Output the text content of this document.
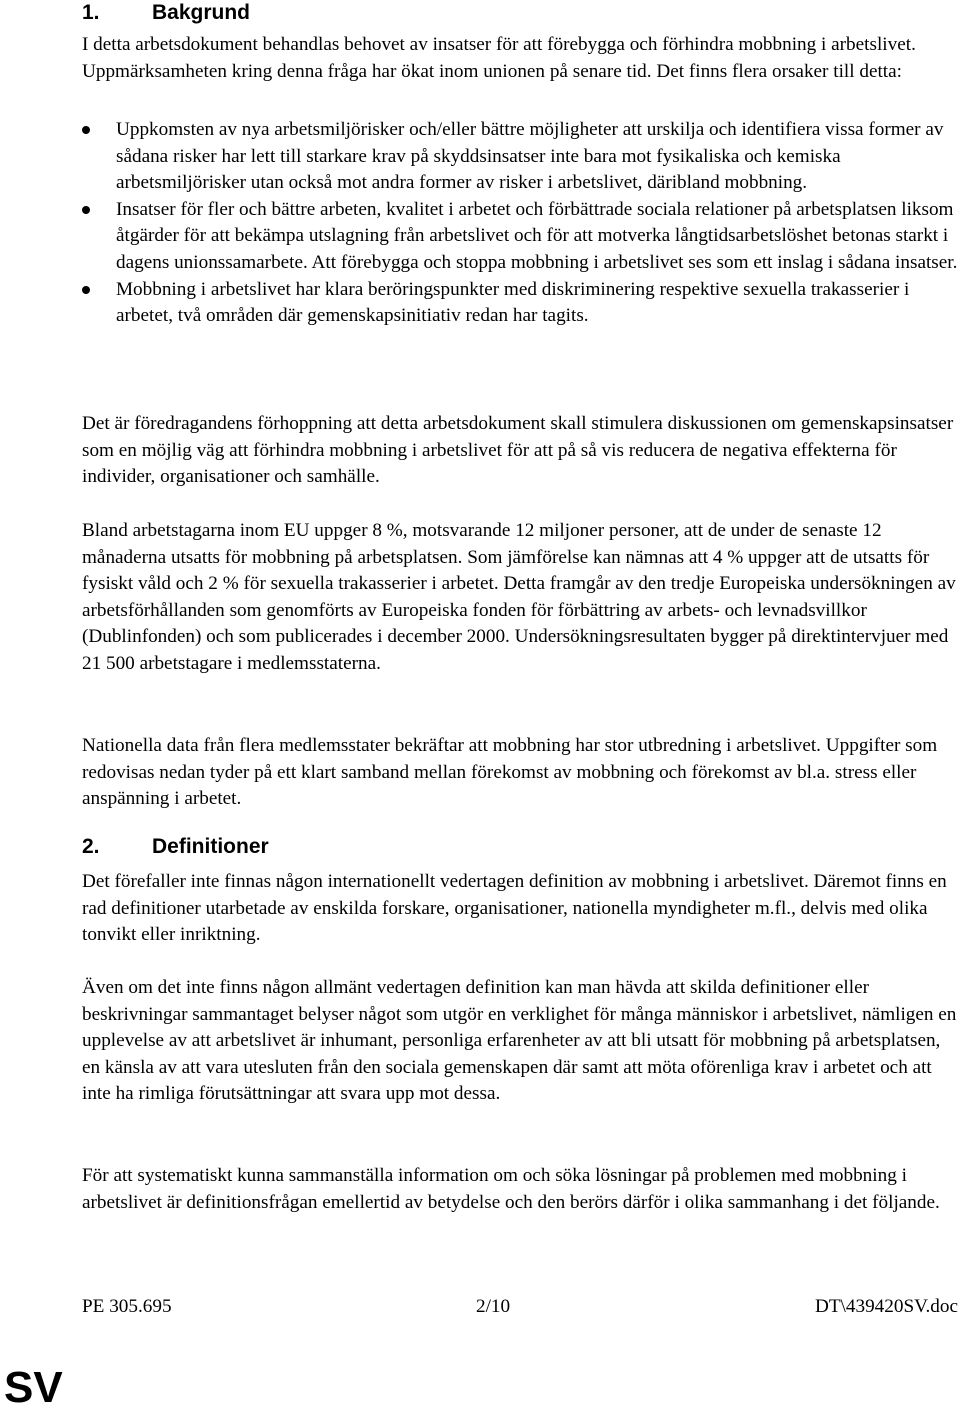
1.	Bakgrund

I detta arbetsdokument behandlas behovet av insatser för att förebygga och förhindra mobbning i arbetslivet. Uppmärksamheten kring denna fråga har ökat inom unionen på senare tid. Det finns flera orsaker till detta:

Uppkomsten av nya arbetsmiljörisker och/eller bättre möjligheter att urskilja och identifiera vissa former av sådana risker har lett till starkare krav på skyddsinsatser inte bara mot fysikaliska och kemiska arbetsmiljörisker utan också mot andra former av risker i arbetslivet, däribland mobbning.
Insatser för fler och bättre arbeten, kvalitet i arbetet och förbättrade sociala relationer på arbetsplatsen liksom åtgärder för att bekämpa utslagning från arbetslivet och för att motverka långtidsarbetslöshet betonas starkt i dagens unionssamarbete. Att förebygga och stoppa mobbning i arbetslivet ses som ett inslag i sådana insatser.
Mobbning i arbetslivet har klara beröringspunkter med diskriminering respektive sexuella trakasserier i arbetet, två områden där gemenskapsinitiativ redan har tagits.

Det är föredragandens förhoppning att detta arbetsdokument skall stimulera diskussionen om gemenskapsinsatser som en möjlig väg att förhindra mobbning i arbetslivet för att på så vis reducera de negativa effekterna för individer, organisationer och samhälle.

Bland arbetstagarna inom EU uppger 8 %, motsvarande 12 miljoner personer, att de under de senaste 12 månaderna utsatts för mobbning på arbetsplatsen. Som jämförelse kan nämnas att 4 % uppger att de utsatts för fysiskt våld och 2 % för sexuella trakasserier i arbetet. Detta framgår av den tredje Europeiska undersökningen av arbetsförhållanden som genomförts av Europeiska fonden för förbättring av arbets- och levnadsvillkor (Dublinfonden) och som publicerades i december 2000. Undersökningsresultaten bygger på direktintervjuer med 21 500 arbetstagare i medlemsstaterna.

Nationella data från flera medlemsstater bekräftar att mobbning har stor utbredning i arbetslivet. Uppgifter som redovisas nedan tyder på ett klart samband mellan förekomst av mobbning och förekomst av bl.a. stress eller anspänning i arbetet.

2.	Definitioner

Det förefaller inte finnas någon internationellt vedertagen definition av mobbning i arbetslivet. Däremot finns en rad definitioner utarbetade av enskilda forskare, organisationer, nationella myndigheter m.fl., delvis med olika tonvikt eller inriktning.

Även om det inte finns någon allmänt vedertagen definition kan man hävda att skilda definitioner eller beskrivningar sammantaget belyser något som utgör en verklighet för många människor i arbetslivet, nämligen en upplevelse av att arbetslivet är inhumant, personliga erfarenheter av att bli utsatt för mobbning på arbetsplatsen, en känsla av att vara utesluten från den sociala gemenskapen där samt att möta oförenliga krav i arbetet och att inte ha rimliga förutsättningar att svara upp mot dessa.

För att systematiskt kunna sammanställa information om och söka lösningar på problemen med mobbning i arbetslivet är definitionsfrågan emellertid av betydelse och den berörs därför i olika sammanhang i det följande.

PE 305.695	2/10	DT\439420SV.doc
SV
